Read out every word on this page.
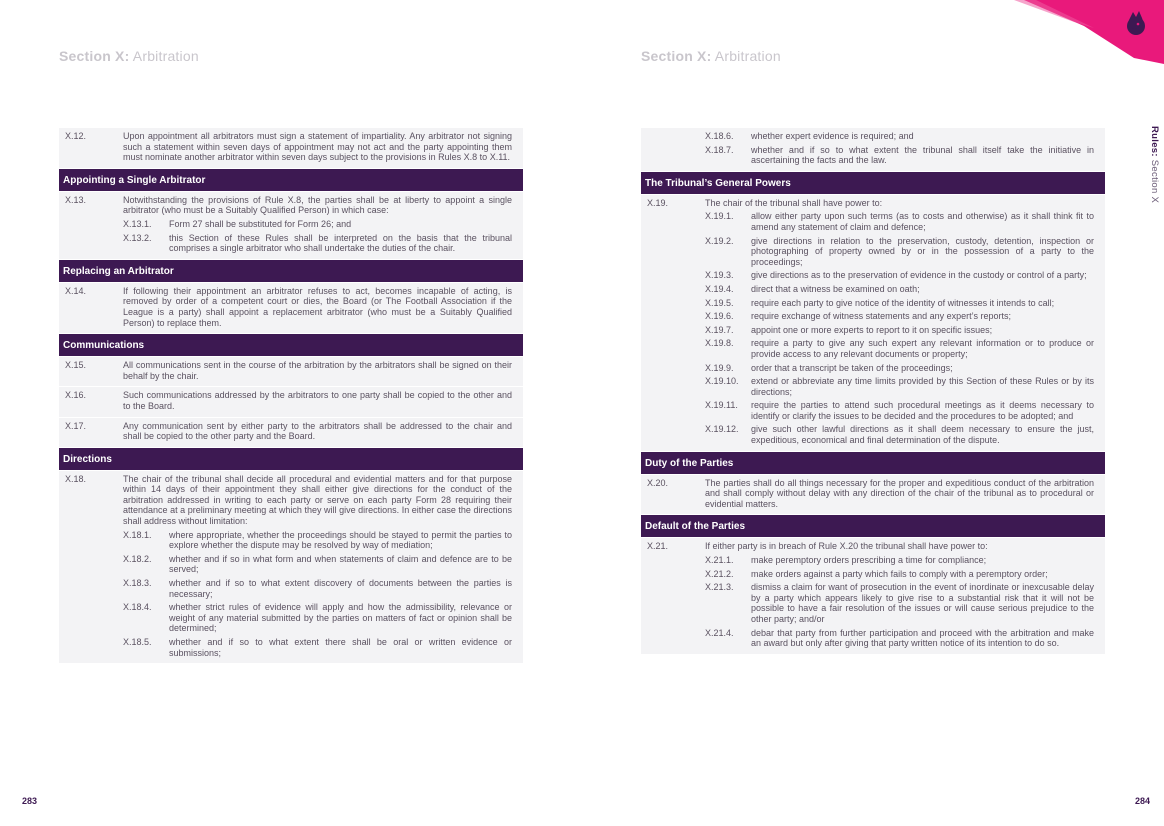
Section X: Arbitration	Section X: Arbitration
Rules: Section X
X.12.	Upon appointment all arbitrators must sign a statement of impartiality. Any arbitrator not signing such a statement within seven days of appointment may not act and the party appointing them must nominate another arbitrator within seven days subject to the provisions in Rules X.8 to X.11.
Appointing a Single Arbitrator
X.13.	Notwithstanding the provisions of Rule X.8, the parties shall be at liberty to appoint a single arbitrator (who must be a Suitably Qualified Person) in which case:
X.13.1.	Form 27 shall be substituted for Form 26; and
X.13.2.	this Section of these Rules shall be interpreted on the basis that the tribunal comprises a single arbitrator who shall undertake the duties of the chair.
Replacing an Arbitrator
X.14.	If following their appointment an arbitrator refuses to act, becomes incapable of acting, is removed by order of a competent court or dies, the Board (or The Football Association if the League is a party) shall appoint a replacement arbitrator (who must be a Suitably Qualified Person) to replace them.
Communications
X.15.	All communications sent in the course of the arbitration by the arbitrators shall be signed on their behalf by the chair.
X.16.	Such communications addressed by the arbitrators to one party shall be copied to the other and to the Board.
X.17.	Any communication sent by either party to the arbitrators shall be addressed to the chair and shall be copied to the other party and the Board.
Directions
X.18.	The chair of the tribunal shall decide all procedural and evidential matters and for that purpose within 14 days of their appointment they shall either give directions for the conduct of the arbitration addressed in writing to each party or serve on each party Form 28 requiring their attendance at a preliminary meeting at which they will give directions. In either case the directions shall address without limitation:
X.18.1.	where appropriate, whether the proceedings should be stayed to permit the parties to explore whether the dispute may be resolved by way of mediation;
X.18.2.	whether and if so in what form and when statements of claim and defence are to be served;
X.18.3.	whether and if so to what extent discovery of documents between the parties is necessary;
X.18.4.	whether strict rules of evidence will apply and how the admissibility, relevance or weight of any material submitted by the parties on matters of fact or opinion shall be determined;
X.18.5.	whether and if so to what extent there shall be oral or written evidence or submissions;
X.18.6.	whether expert evidence is required; and
X.18.7.	whether and if so to what extent the tribunal shall itself take the initiative in ascertaining the facts and the law.
The Tribunal’s General Powers
X.19.	The chair of the tribunal shall have power to:
X.19.1.	allow either party upon such terms (as to costs and otherwise) as it shall think fit to amend any statement of claim and defence;
X.19.2.	give directions in relation to the preservation, custody, detention, inspection or photographing of property owned by or in the possession of a party to the proceedings;
X.19.3.	give directions as to the preservation of evidence in the custody or control of a party;
X.19.4.	direct that a witness be examined on oath;
X.19.5.	require each party to give notice of the identity of witnesses it intends to call;
X.19.6.	require exchange of witness statements and any expert’s reports;
X.19.7.	appoint one or more experts to report to it on specific issues;
X.19.8.	require a party to give any such expert any relevant information or to produce or provide access to any relevant documents or property;
X.19.9.	order that a transcript be taken of the proceedings;
X.19.10.	extend or abbreviate any time limits provided by this Section of these Rules or by its directions;
X.19.11.	require the parties to attend such procedural meetings as it deems necessary to identify or clarify the issues to be decided and the procedures to be adopted; and
X.19.12.	give such other lawful directions as it shall deem necessary to ensure the just, expeditious, economical and final determination of the dispute.
Duty of the Parties
X.20.	The parties shall do all things necessary for the proper and expeditious conduct of the arbitration and shall comply without delay with any direction of the chair of the tribunal as to procedural or evidential matters.
Default of the Parties
X.21.	If either party is in breach of Rule X.20 the tribunal shall have power to:
X.21.1.	make peremptory orders prescribing a time for compliance;
X.21.2.	make orders against a party which fails to comply with a peremptory order;
X.21.3.	dismiss a claim for want of prosecution in the event of inordinate or inexcusable delay by a party which appears likely to give rise to a substantial risk that it will not be possible to have a fair resolution of the issues or will cause serious prejudice to the other party; and/or
X.21.4.	debar that party from further participation and proceed with the arbitration and make an award but only after giving that party written notice of its intention to do so.
283	284
